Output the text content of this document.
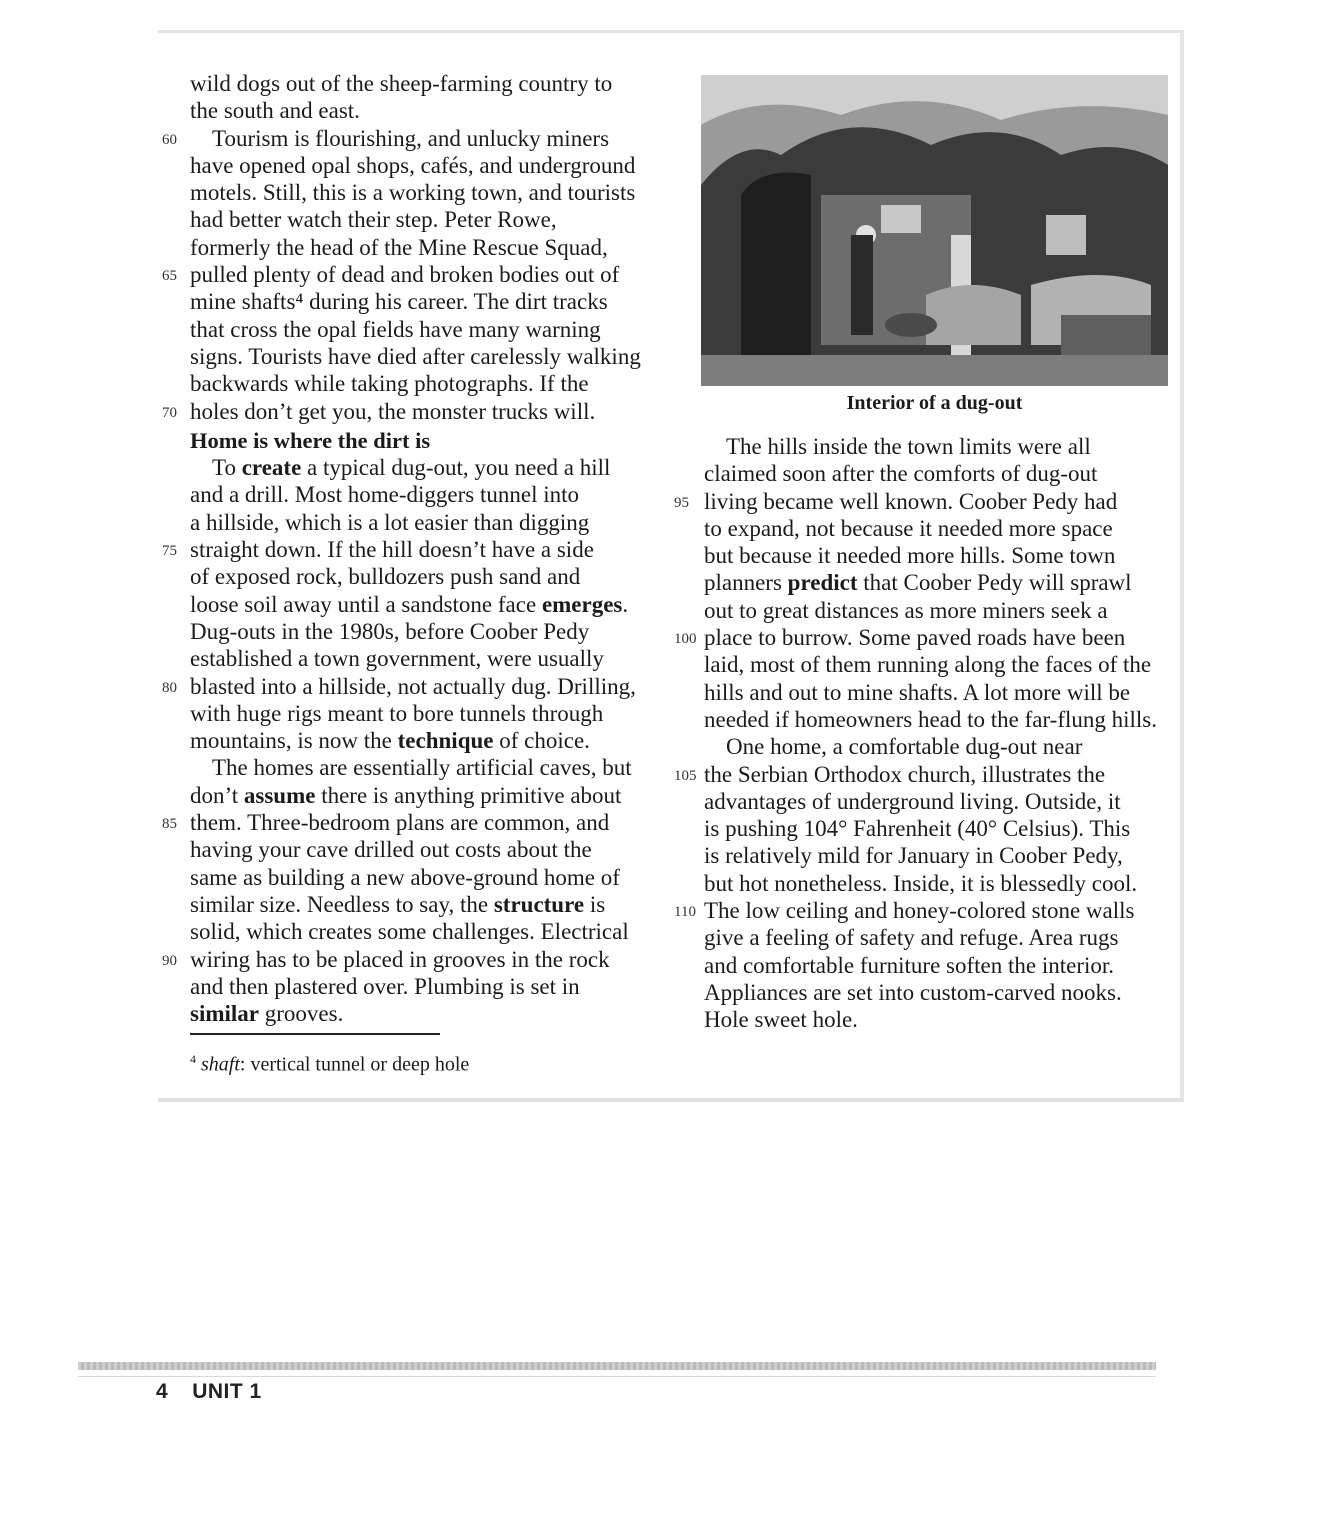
wild dogs out of the sheep-farming country to
the south and east.
60 Tourism is flourishing, and unlucky miners
have opened opal shops, cafés, and underground
motels. Still, this is a working town, and tourists
had better watch their step. Peter Rowe,
formerly the head of the Mine Rescue Squad,
65 pulled plenty of dead and broken bodies out of
mine shafts⁴ during his career. The dirt tracks
that cross the opal fields have many warning
signs. Tourists have died after carelessly walking
backwards while taking photographs. If the
70 holes don’t get you, the monster trucks will.
Home is where the dirt is
To create a typical dug-out, you need a hill
and a drill. Most home-diggers tunnel into
a hillside, which is a lot easier than digging
75 straight down. If the hill doesn’t have a side
of exposed rock, bulldozers push sand and
loose soil away until a sandstone face emerges.
Dug-outs in the 1980s, before Coober Pedy
established a town government, were usually
80 blasted into a hillside, not actually dug. Drilling,
with huge rigs meant to bore tunnels through
mountains, is now the technique of choice.
The homes are essentially artificial caves, but
don’t assume there is anything primitive about
85 them. Three-bedroom plans are common, and
having your cave drilled out costs about the
same as building a new above-ground home of
similar size. Needless to say, the structure is
solid, which creates some challenges. Electrical
90 wiring has to be placed in grooves in the rock
and then plastered over. Plumbing is set in
similar grooves.
Interior of a dug-out
The hills inside the town limits were all
claimed soon after the comforts of dug-out
95 living became well known. Coober Pedy had
to expand, not because it needed more space
but because it needed more hills. Some town
planners predict that Coober Pedy will sprawl
out to great distances as more miners seek a
100 place to burrow. Some paved roads have been
laid, most of them running along the faces of the
hills and out to mine shafts. A lot more will be
needed if homeowners head to the far-flung hills.
One home, a comfortable dug-out near
105 the Serbian Orthodox church, illustrates the
advantages of underground living. Outside, it
is pushing 104° Fahrenheit (40° Celsius). This
is relatively mild for January in Coober Pedy,
but hot nonetheless. Inside, it is blessedly cool.
110 The low ceiling and honey-colored stone walls
give a feeling of safety and refuge. Area rugs
and comfortable furniture soften the interior.
Appliances are set into custom-carved nooks.
Hole sweet hole.
$^4$ shaft: vertical tunnel or deep hole
4 UNIT 1
